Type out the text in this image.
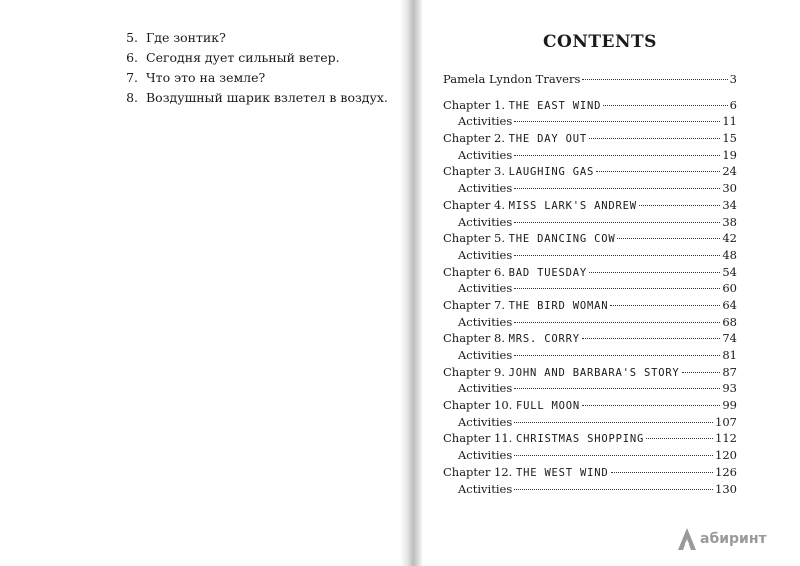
5. Где зонтик?
6. Сегодня дует сильный ветер.
7. Что это на земле?
8. Воздушный шарик взлетел в воздух.
CONTENTS
Pamela Lyndon Travers	3
Chapter 1. THE EAST WIND	6
Activities	11
Chapter 2. THE DAY OUT	15
Activities	19
Chapter 3. LAUGHING GAS	24
Activities	30
Chapter 4. MISS LARK'S ANDREW	34
Activities	38
Chapter 5. THE DANCING COW	42
Activities	48
Chapter 6. BAD TUESDAY	54
Activities	60
Chapter 7. THE BIRD WOMAN	64
Activities	68
Chapter 8. MRS. CORRY	74
Activities	81
Chapter 9. JOHN AND BARBARA'S STORY	87
Activities	93
Chapter 10. FULL MOON	99
Activities	107
Chapter 11. CHRISTMAS SHOPPING	112
Activities	120
Chapter 12. THE WEST WIND	126
Activities	130
абиринт
